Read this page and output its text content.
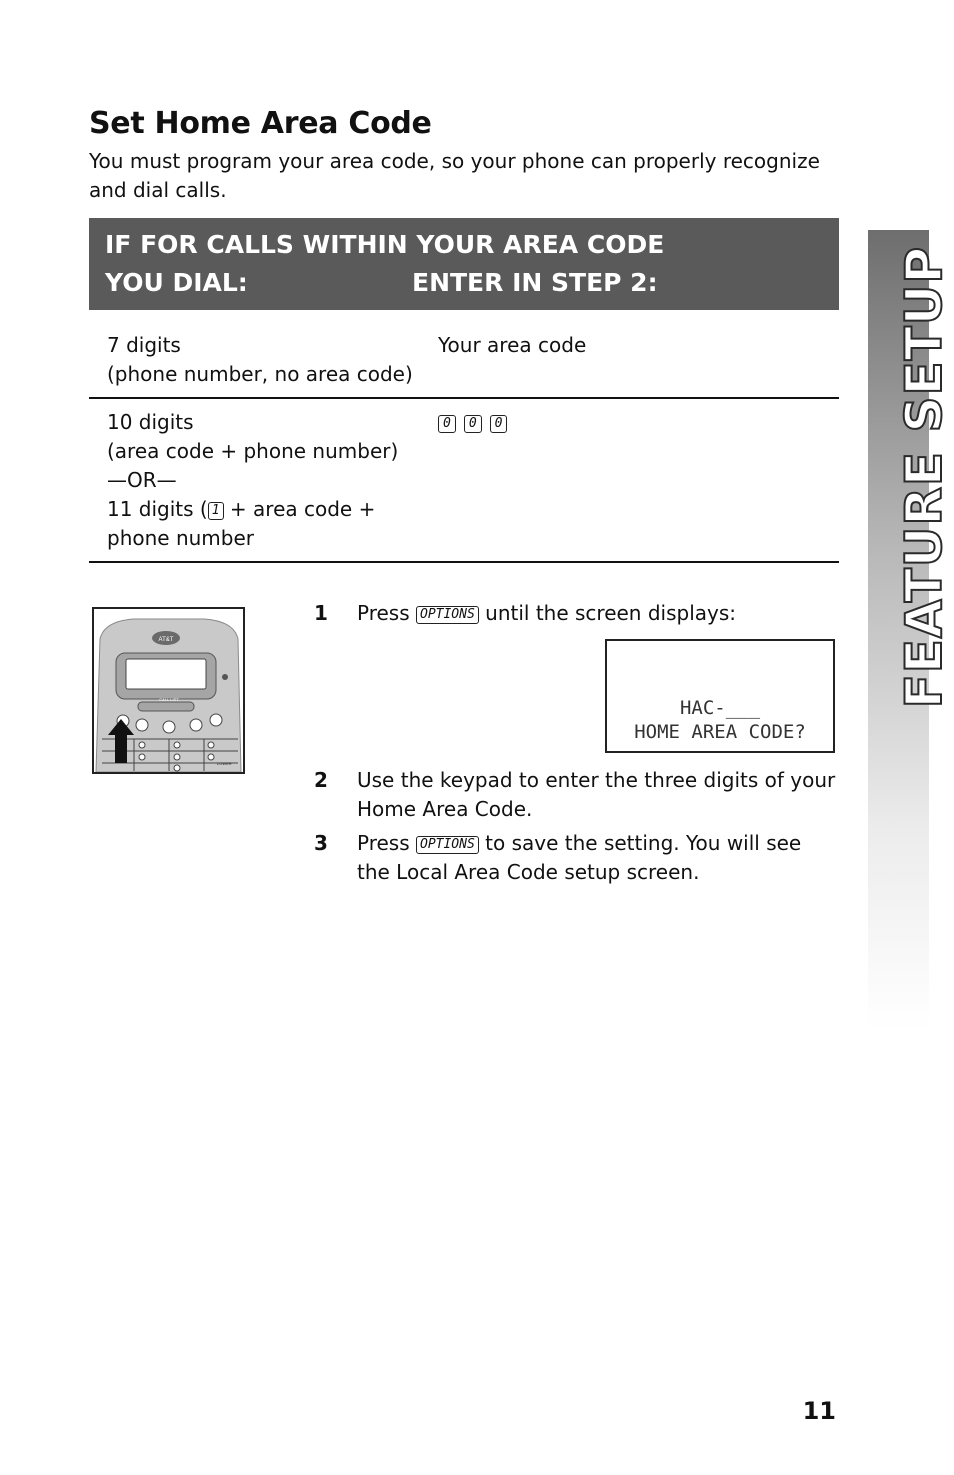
Set Home Area Code
You must program your area code, so your phone can properly recognize and dial calls.
IF FOR CALLS WITHIN YOUR AREA CODE
YOU DIAL:	ENTER IN STEP 2:
7 digits
(phone number, no area code)
Your area code
10 digits
(area code + phone number)
—OR—
11 digits ( 1 + area code +
phone number
0 0 0
AT&T
CALL LIST
LOWER
1 Press OPTIONS until the screen displays:
HAC-___
HOME AREA CODE?
2 Use the keypad to enter the three digits of your Home Area Code.
3 Press OPTIONS to save the setting. You will see the Local Area Code setup screen.
FEATURE SETUP
11
